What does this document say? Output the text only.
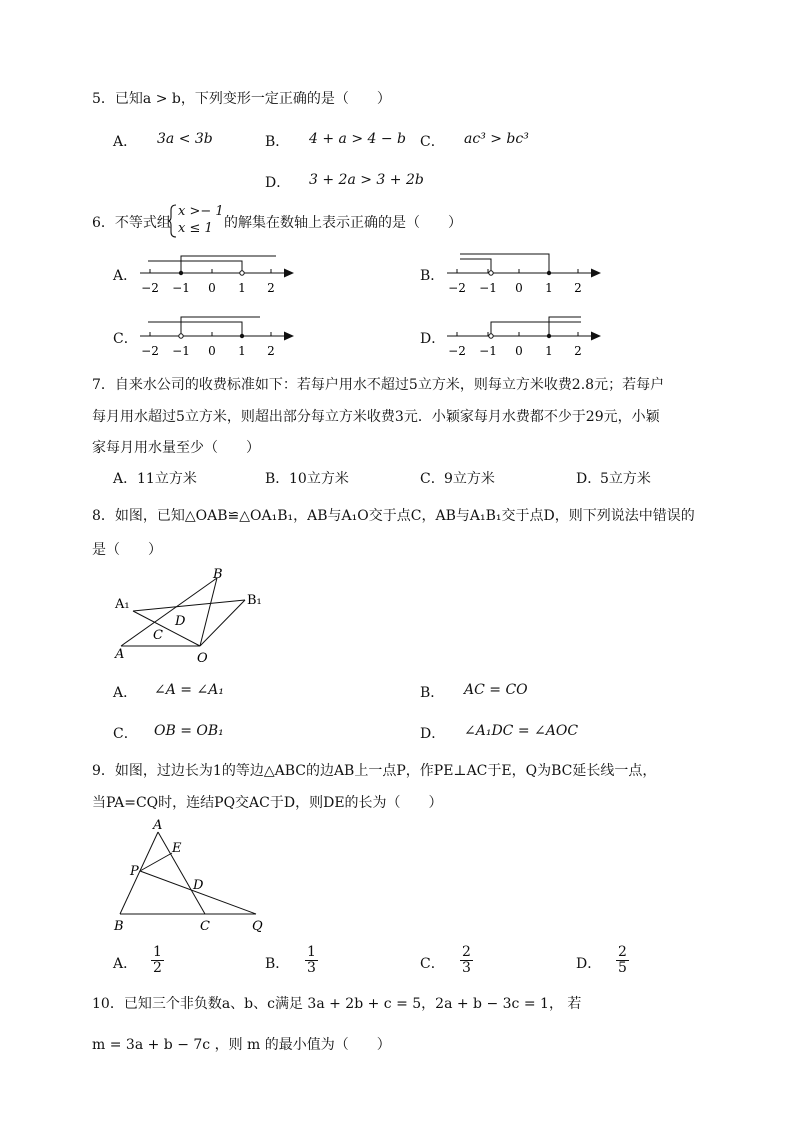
5．已知a > b，下列变形一定正确的是（　　）
A． 3a < 3b	B． 4 + a > 4 − b C． ac³ > bc³
D． 3 + 2a > 3 + 2b
6．不等式组
x >− 1
x ≤ 1 的解集在数轴上表示正确的是（　　）
A．
−2 −1 0 1 2
B．
−2 −1 0 1 2
C．
−2 −1 0 1 2
D．
−2 −1 0 1 2
7．自来水公司的收费标准如下：若每户用水不超过5立方米，则每立方米收费2.8元；若每户
每月用水超过5立方米，则超出部分每立方米收费3元．小颖家每月水费都不少于29元，小颖
家每月用水量至少（　　）
A． 11立方米	B． 10立方米	C． 9立方米	D．
5立方米
8．如图，已知△OAB≌△OA₁B₁，AB与A₁O交于点C，AB与A₁B₁交于点D，则下列说法中错误的
是（　　）
A
B
A₁	B₁
C
D
O
A． ∠A = ∠A₁	B． AC = CO
C． OB = OB₁	D． ∠A₁DC = ∠AOC
9．如图，过边长为1的等边△ABC的边AB上一点P，作PE⊥AC于E，Q为BC延长线一点，
当PA=CQ时，连结PQ交AC于D，则DE的长为（　　）
A
E
P
D
B	C	Q
A． $\frac{1}{2}$	B． $\frac{1}{3}$	C． $\frac{2}{3}$	D． $\frac{2}{5}$
10．已知三个非负数a、b、c满足 3a + 2b + c = 5，2a + b − 3c = 1， 若
m = 3a + b − 7c ，则 m 的最小值为（　　）
